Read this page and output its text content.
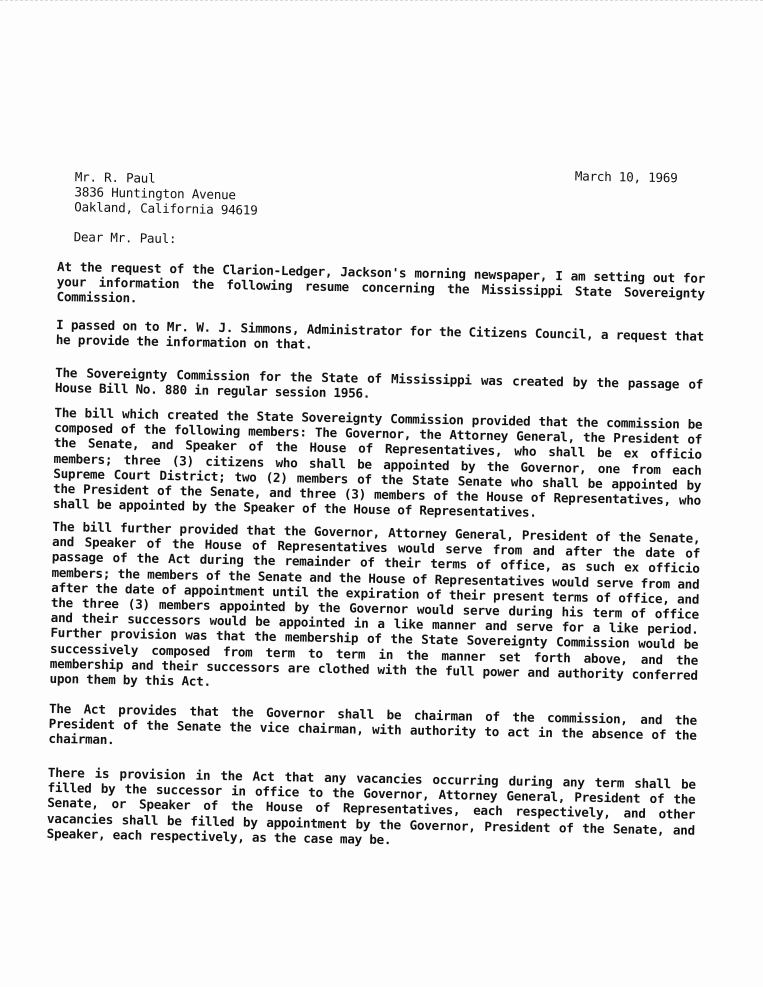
March 10, 1969
Mr. R. Paul
3836 Huntington Avenue
Oakland, California 94619
Dear Mr. Paul:
At the request of the Clarion-Ledger, Jackson's morning newspaper, I am setting out for your information the following resume concerning the Mississippi State Sovereignty Commission.
I passed on to Mr. W. J. Simmons, Administrator for the Citizens Council, a request that he provide the information on that.
The Sovereignty Commission for the State of Mississippi was created by the passage of House Bill No. 880 in regular session 1956.
The bill which created the State Sovereignty Commission provided that the commission be composed of the following members: The Governor, the Attorney General, the President of the Senate, and Speaker of the House of Representatives, who shall be ex officio members; three (3) citizens who shall be appointed by the Governor, one from each Supreme Court District; two (2) members of the State Senate who shall be appointed by the President of the Senate, and three (3) members of the House of Representatives, who shall be appointed by the Speaker of the House of Representatives.
The bill further provided that the Governor, Attorney General, President of the Senate, and Speaker of the House of Representatives would serve from and after the date of passage of the Act during the remainder of their terms of office, as such ex officio members; the members of the Senate and the House of Representatives would serve from and after the date of appointment until the expiration of their present terms of office, and the three (3) members appointed by the Governor would serve during his term of office and their successors would be appointed in a like manner and serve for a like period. Further provision was that the membership of the State Sovereignty Commission would be successively composed from term to term in the manner set forth above, and the membership and their successors are clothed with the full power and authority conferred upon them by this Act.
The Act provides that the Governor shall be chairman of the commission, and the President of the Senate the vice chairman, with authority to act in the absence of the chairman.
There is provision in the Act that any vacancies occurring during any term shall be filled by the successor in office to the Governor, Attorney General, President of the Senate, or Speaker of the House of Representatives, each respectively, and other vacancies shall be filled by appointment by the Governor, President of the Senate, and Speaker, each respectively, as the case may be.
